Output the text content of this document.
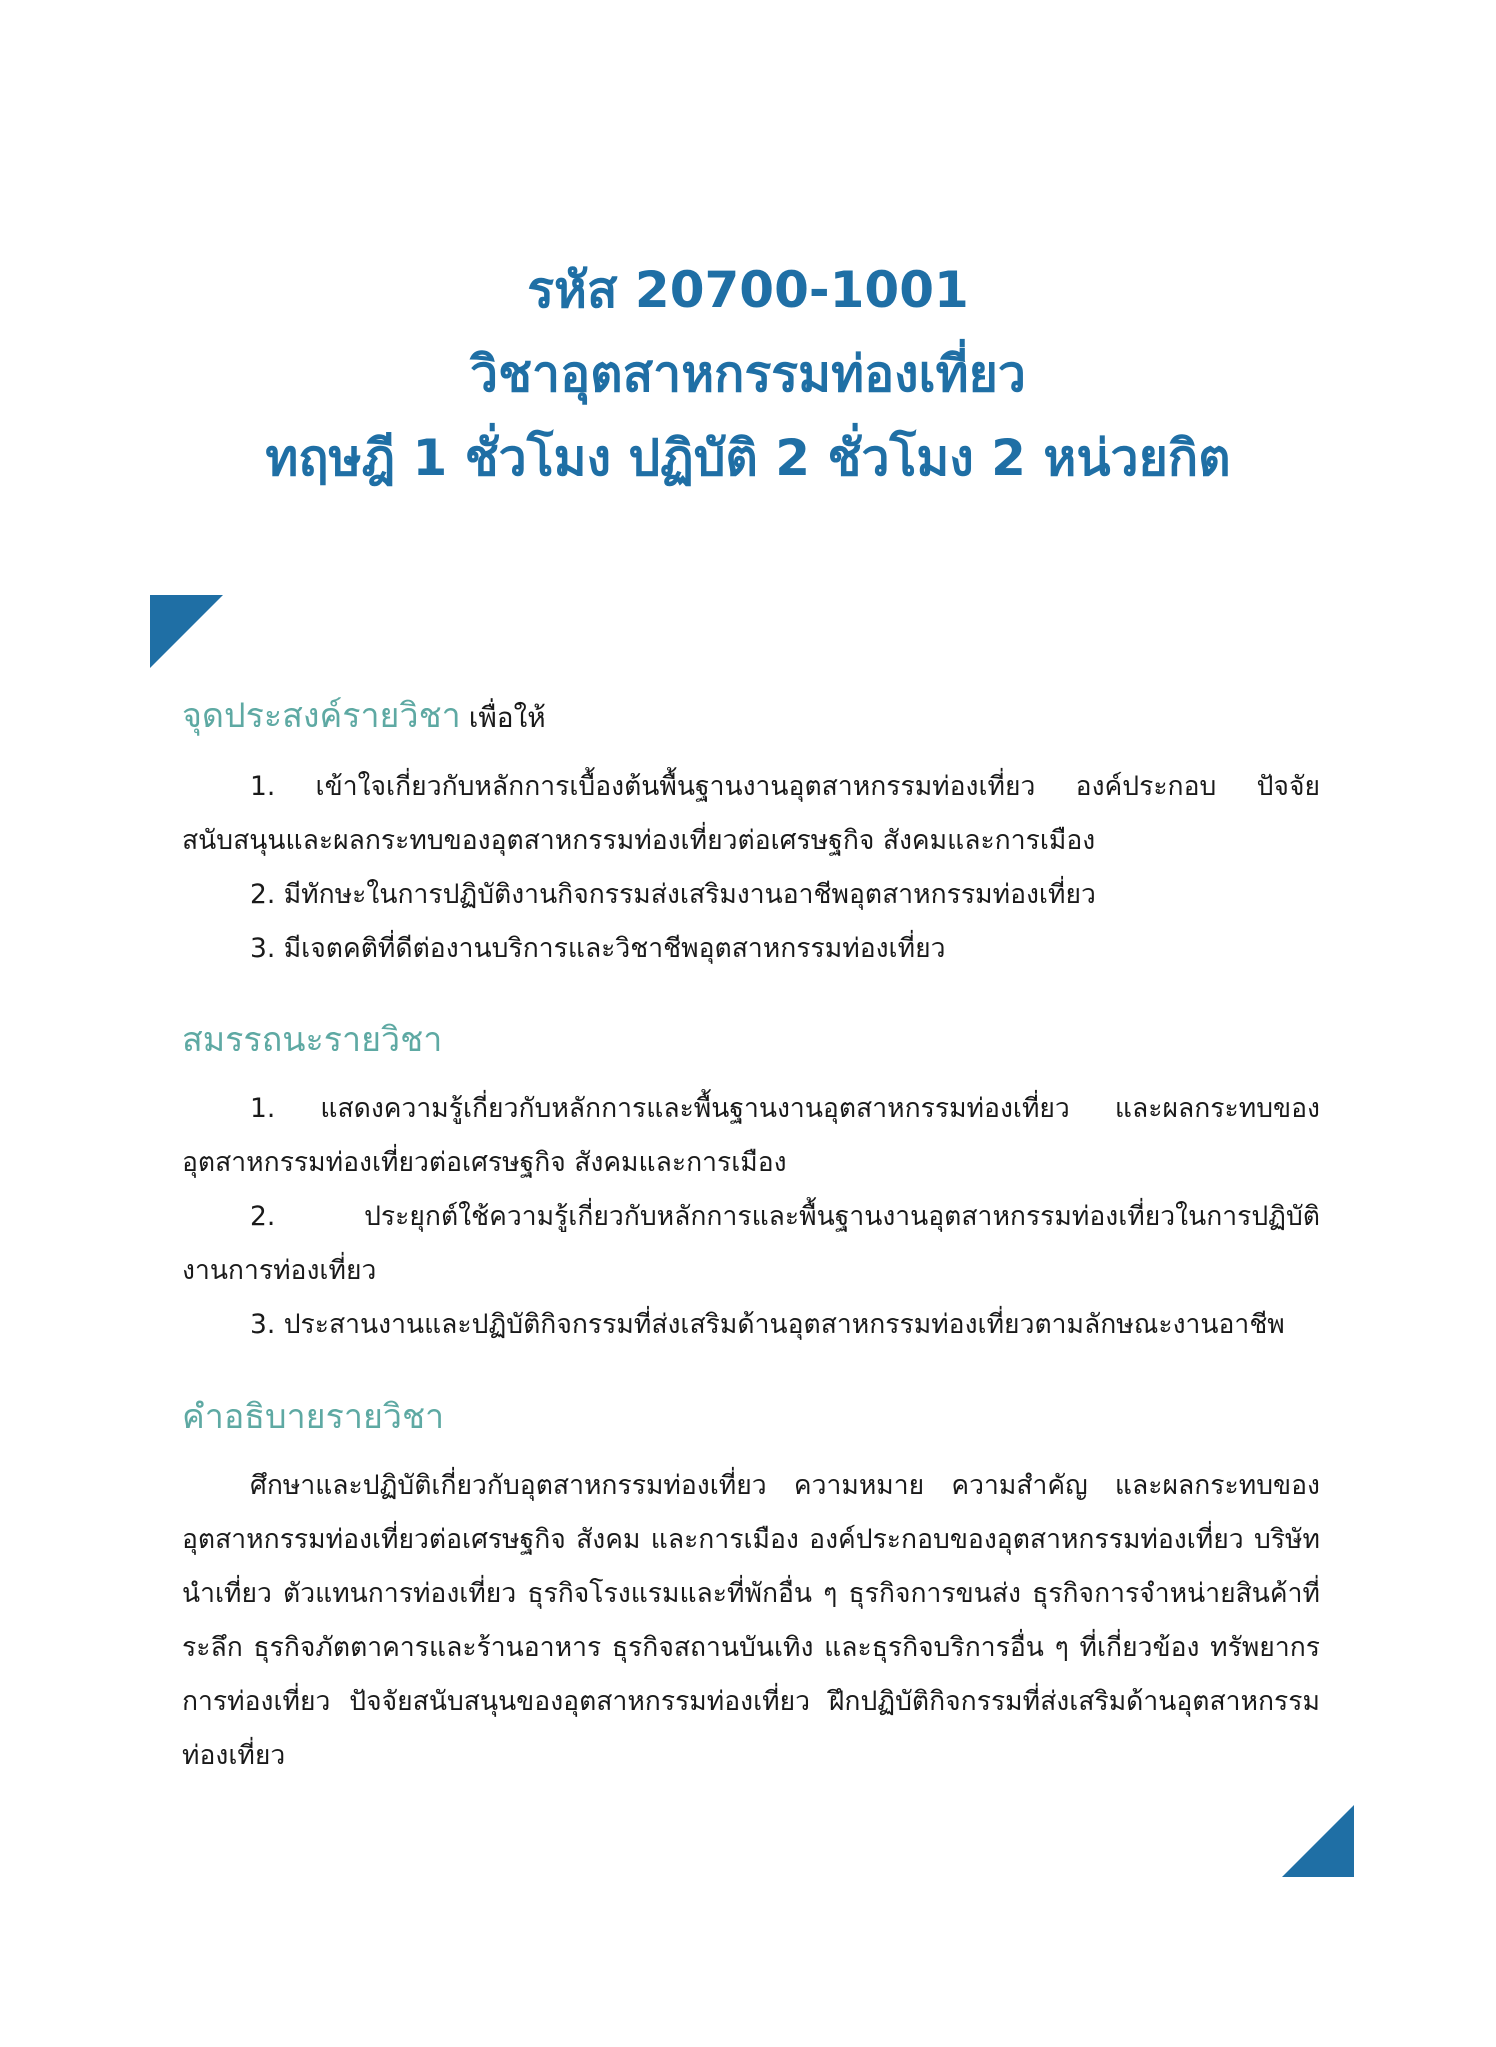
รหัส 20700-1001
วิชาอุตสาหกรรมท่องเที่ยว
ทฤษฎี 1 ชั่วโมง ปฏิบัติ 2 ชั่วโมง 2 หน่วยกิต
จุดประสงค์รายวิชา เพื่อให้

1. เข้าใจเกี่ยวกับหลักการเบื้องต้นพื้นฐานงานอุตสาหกรรมท่องเที่ยว องค์ประกอบ ปัจจัยสนับสนุนและผลกระทบของอุตสาหกรรมท่องเที่ยวต่อเศรษฐกิจ สังคมและการเมือง

2. มีทักษะในการปฏิบัติงานกิจกรรมส่งเสริมงานอาชีพอุตสาหกรรมท่องเที่ยว

3. มีเจตคติที่ดีต่องานบริการและวิชาชีพอุตสาหกรรมท่องเที่ยว

สมรรถนะรายวิชา

1. แสดงความรู้เกี่ยวกับหลักการและพื้นฐานงานอุตสาหกรรมท่องเที่ยว และผลกระทบของอุตสาหกรรมท่องเที่ยวต่อเศรษฐกิจ สังคมและการเมือง

2. ประยุกต์ใช้ความรู้เกี่ยวกับหลักการและพื้นฐานงานอุตสาหกรรมท่องเที่ยวในการปฏิบัติงานการท่องเที่ยว

3. ประสานงานและปฏิบัติกิจกรรมที่ส่งเสริมด้านอุตสาหกรรมท่องเที่ยวตามลักษณะงานอาชีพ

คำอธิบายรายวิชา

ศึกษาและปฏิบัติเกี่ยวกับอุตสาหกรรมท่องเที่ยว ความหมาย ความสำคัญ และผลกระทบของอุตสาหกรรมท่องเที่ยวต่อเศรษฐกิจ สังคม และการเมือง องค์ประกอบของอุตสาหกรรมท่องเที่ยว บริษัทนำเที่ยว ตัวแทนการท่องเที่ยว ธุรกิจโรงแรมและที่พักอื่น ๆ ธุรกิจการขนส่ง ธุรกิจการจำหน่ายสินค้าที่ระลึก ธุรกิจภัตตาคารและร้านอาหาร ธุรกิจสถานบันเทิง และธุรกิจบริการอื่น ๆ ที่เกี่ยวข้อง ทรัพยากรการท่องเที่ยว ปัจจัยสนับสนุนของอุตสาหกรรมท่องเที่ยว ฝึกปฏิบัติกิจกรรมที่ส่งเสริมด้านอุตสาหกรรมท่องเที่ยว
